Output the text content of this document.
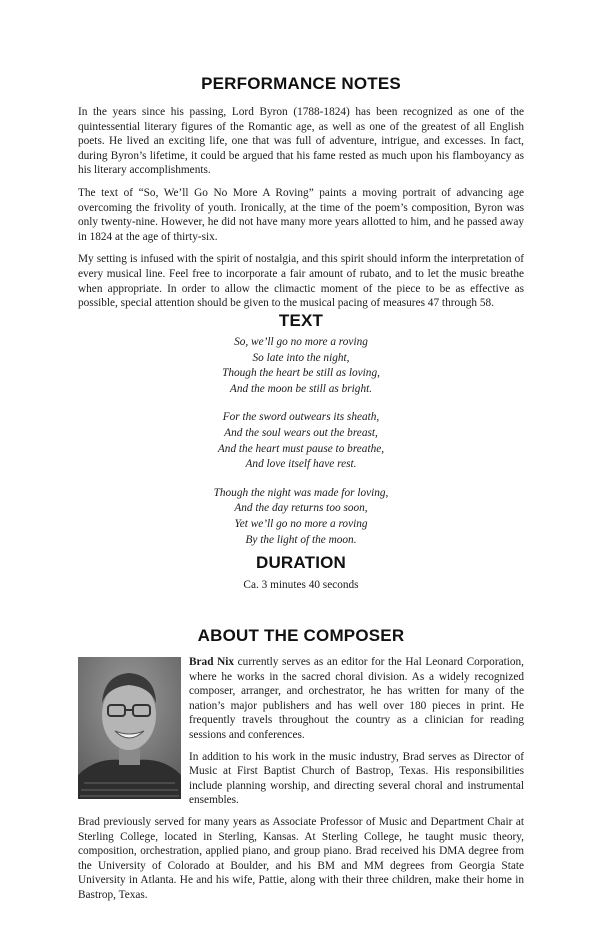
PERFORMANCE NOTES

In the years since his passing, Lord Byron (1788-1824) has been recognized as one of the quintessential literary figures of the Romantic age, as well as one of the greatest of all English poets. He lived an exciting life, one that was full of adventure, intrigue, and excesses. In fact, during Byron’s lifetime, it could be argued that his fame rested as much upon his flamboyancy as his literary accomplishments.

The text of “So, We’ll Go No More A Roving” paints a moving portrait of advancing age overcoming the frivolity of youth. Ironically, at the time of the poem’s composition, Byron was only twenty-nine. However, he did not have many more years allotted to him, and he passed away in 1824 at the age of thirty-six.

My setting is infused with the spirit of nostalgia, and this spirit should inform the interpretation of every musical line. Feel free to incorporate a fair amount of rubato, and to let the music breathe when appropriate. In order to allow the climactic moment of the piece to be as effective as possible, special attention should be given to the musical pacing of measures 47 through 58.

TEXT
So, we’ll go no more a roving
So late into the night,
Though the heart be still as loving,
And the moon be still as bright.
For the sword outwears its sheath,
And the soul wears out the breast,
And the heart must pause to breathe,
And love itself have rest.
Though the night was made for loving,
And the day returns too soon,
Yet we’ll go no more a roving
By the light of the moon.
DURATION
Ca. 3 minutes 40 seconds
ABOUT THE COMPOSER

Brad Nix currently serves as an editor for the Hal Leonard Corporation, where he works in the sacred choral division. As a widely recognized composer, arranger, and orchestrator, he has written for many of the nation’s major publishers and has well over 180 pieces in print. He frequently travels throughout the country as a clinician for reading sessions and conferences.

In addition to his work in the music industry, Brad serves as Director of Music at First Baptist Church of Bastrop, Texas. His responsibilities include planning worship, and directing several choral and instrumental ensembles.

Brad previously served for many years as Associate Professor of Music and Department Chair at Sterling College, located in Sterling, Kansas. At Sterling College, he taught music theory, composition, orchestration, applied piano, and group piano. Brad received his DMA degree from the University of Colorado at Boulder, and his BM and MM degrees from Georgia State University in Atlanta. He and his wife, Pattie, along with their three children, make their home in Bastrop, Texas.
